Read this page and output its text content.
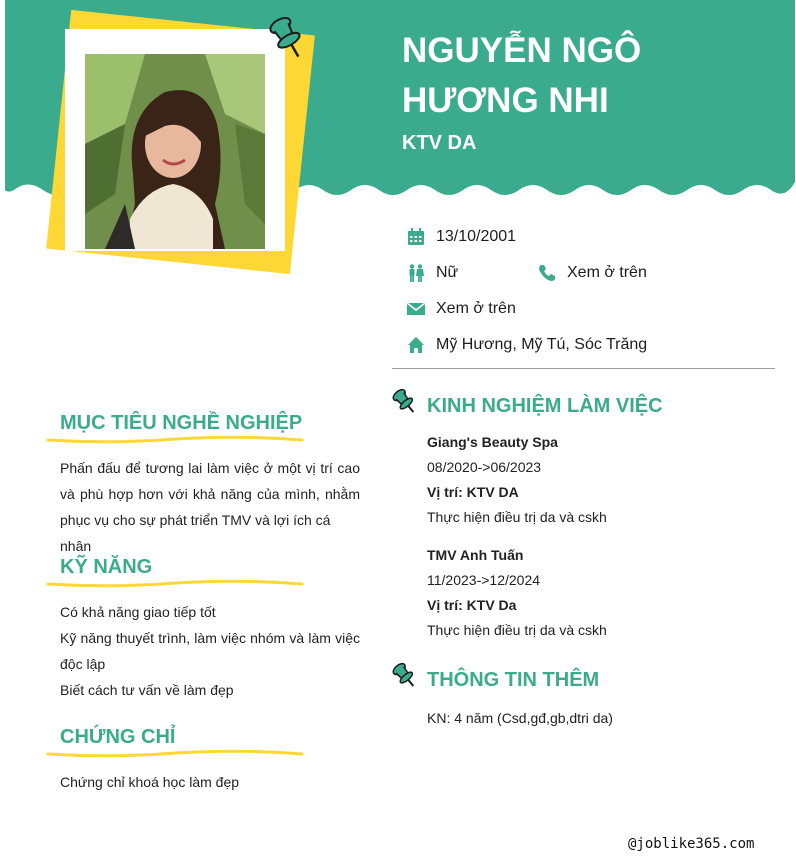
NGUYỄN NGÔ HƯƠNG NHI
KTV DA
13/10/2001
Nữ	Xem ở trên
Xem ở trên
Mỹ Hương, Mỹ Tú, Sóc Trăng
MỤC TIÊU NGHỀ NGHIỆP
Phấn đấu để tương lai làm việc ở một vị trí cao
và phù hợp hơn với khả năng của mình, nhằm
phục vụ cho sự phát triển TMV và lợi ích cá nhân
KỸ NĂNG
Có khả năng giao tiếp tốt
Kỹ năng thuyết trình, làm việc nhóm và làm việc
độc lập
Biết cách tư vấn về làm đẹp
CHỨNG CHỈ
Chứng chỉ khoá học làm đẹp
KINH NGHIỆM LÀM VIỆC
Giang's Beauty Spa
08/2020->06/2023
Vị trí: KTV DA
Thực hiện điều trị da và cskh
TMV Anh Tuấn
11/2023->12/2024
Vị trí: KTV Da
Thực hiện điều trị da và cskh
THÔNG TIN THÊM
KN: 4 năm (Csd,gđ,gb,dtri da)
@joblike365.com
